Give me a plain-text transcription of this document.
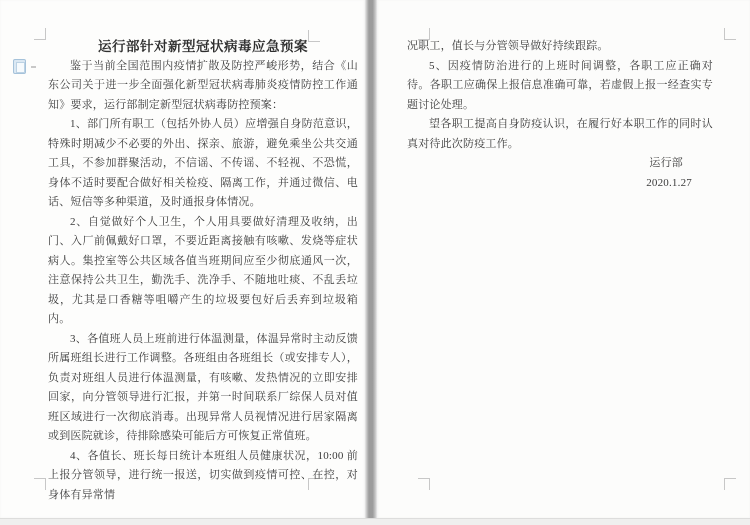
运行部针对新型冠状病毒应急预案

鉴于当前全国范围内疫情扩散及防控严峻形势，结合《山东公司关于进一步全面强化新型冠状病毒肺炎疫情防控工作通知》要求，运行部制定新型冠状病毒防控预案：

1、部门所有职工（包括外协人员）应增强自身防范意识，特殊时期减少不必要的外出、探亲、旅游，避免乘坐公共交通工具，不参加群聚活动，不信谣、不传谣、不轻视、不恐慌，身体不适时要配合做好相关检疫、隔离工作，并通过微信、电话、短信等多种渠道，及时通报身体情况。

2、自觉做好个人卫生，个人用具要做好清理及收纳，出门、入厂前佩戴好口罩，不要近距离接触有咳嗽、发烧等症状病人。集控室等公共区域各值当班期间应至少彻底通风一次，注意保持公共卫生，勤洗手、洗净手、不随地吐痰、不乱丢垃圾，尤其是口香糖等咀嚼产生的垃圾要包好后丢弃到垃圾箱内。

3、各值班人员上班前进行体温测量，体温异常时主动反馈所属班组长进行工作调整。各班组由各班组长（或安排专人），负责对班组人员进行体温测量，有咳嗽、发热情况的立即安排回家，向分管领导进行汇报，并第一时间联系厂综保人员对值班区域进行一次彻底消毒。出现异常人员视情况进行居家隔离或到医院就诊，待排除感染可能后方可恢复正常值班。

4、各值长、班长每日统计本班组人员健康状况，10:00 前上报分管领导，进行统一报送，切实做到疫情可控、在控，对身体有异常情

况职工，值长与分管领导做好持续跟踪。

5、因疫情防治进行的上班时间调整，各职工应正确对待。各职工应确保上报信息准确可靠，若虚假上报一经查实专题讨论处理。

望各职工提高自身防疫认识，在履行好本职工作的同时认真对待此次防疫工作。

运行部

2020.1.27
